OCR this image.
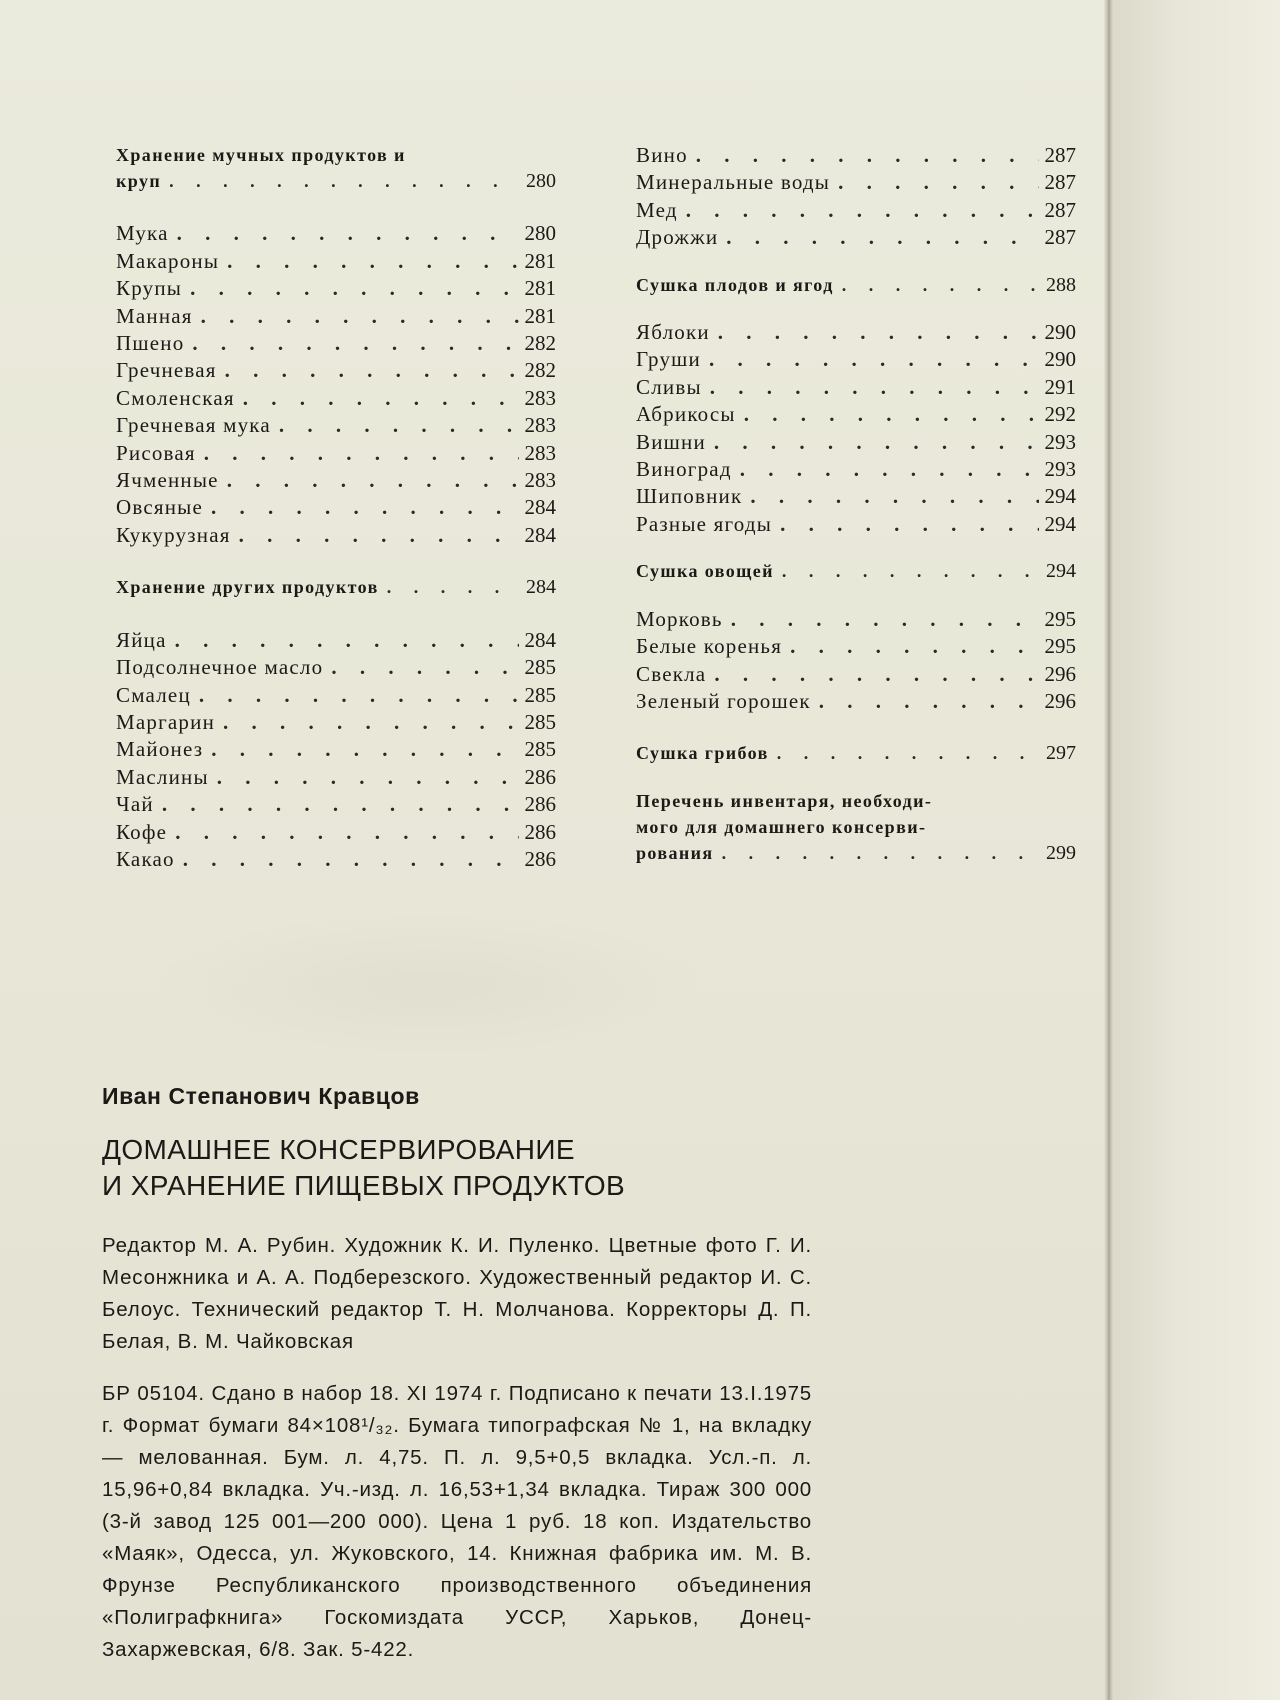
Хранение мучных продуктов и
круп . . .	280
Мука . . .	280
Макароны . . .	281
Крупы . . .	281
Манная . . .	281
Пшено . . .	282
Гречневая . . .	282
Смоленская . . .	283
Гречневая мука . . .	283
Рисовая . . .	283
Ячменные . . .	283
Овсяные . . .	284
Кукурузная . . .	284
Хранение других продуктов . . .	284
Яйца . . .	284
Подсолнечное масло . . .	285
Смалец . . .	285
Маргарин . . .	285
Майонез . . .	285
Маслины . . .	286
Чай . . .	286
Кофе . . .	286
Какао . . .	286
Вино . . .	287
Минеральные воды . . .	287
Мед . . .	287
Дрожжи . . .	287
Сушка плодов и ягод . . .	288
Яблоки . . .	290
Груши . . .	290
Сливы . . .	291
Абрикосы . . .	292
Вишни . . .	293
Виноград . . .	293
Шиповник . . .	294
Разные ягоды . . .	294
Сушка овощей . . .	294
Морковь . . .	295
Белые коренья . . .	295
Свекла . . .	296
Зеленый горошек . . .	296
Сушка грибов . . .	297
Перечень инвентаря, необходи-
мого для домашнего консерви-
рования . . .	299
Иван Степанович Кравцов
ДОМАШНЕЕ КОНСЕРВИРОВАНИЕ
И ХРАНЕНИЕ ПИЩЕВЫХ ПРОДУКТОВ
Редактор М. А. Рубин. Художник К. И. Пуленко. Цветные фото Г. И. Месонжника и А. А. Подберезского. Художественный редактор И. С. Белоус. Технический редактор Т. Н. Молчанова. Корректоры Д. П. Белая, В. М. Чайковская
БР 05104. Сдано в набор 18. XI 1974 г. Подписано к печати 13.I.1975 г. Формат бумаги 84×108¹/₃₂. Бумага типографская № 1, на вкладку — мелованная. Бум. л. 4,75. П. л. 9,5+0,5 вкладка. Усл.-п. л. 15,96+0,84 вкладка. Уч.-изд. л. 16,53+1,34 вкладка. Тираж 300 000 (3-й завод 125 001—200 000). Цена 1 руб. 18 коп. Издательство «Маяк», Одесса, ул. Жуковского, 14. Книжная фабрика им. М. В. Фрунзе Республиканского производственного объединения «Полиграфкнига» Госкомиздата УССР, Харьков, Донец-Захаржевская, 6/8. Зак. 5-422.
